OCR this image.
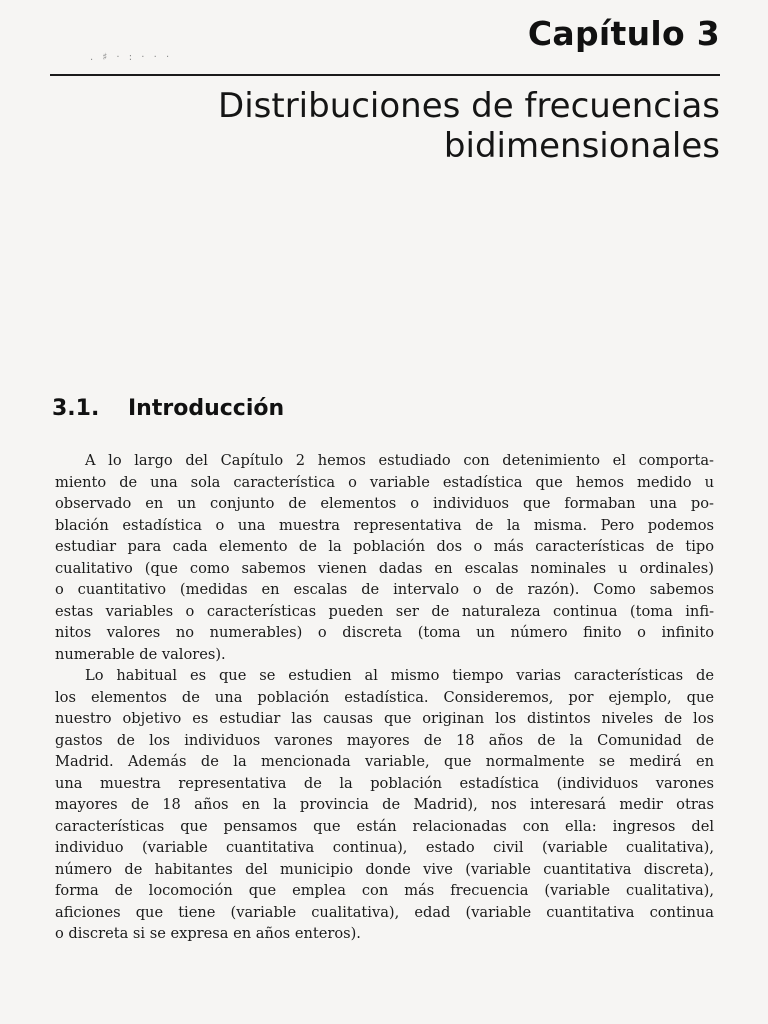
Capítulo 3
. ♯ · : · · ·
Distribuciones de frecuencias
bidimensionales
3.1. Introducción
A lo largo del Capítulo 2 hemos estudiado con detenimiento el comporta-
miento de una sola característica o variable estadística que hemos medido u
observado en un conjunto de elementos o individuos que formaban una po-
blación estadística o una muestra representativa de la misma. Pero podemos
estudiar para cada elemento de la población dos o más características de tipo
cualitativo (que como sabemos vienen dadas en escalas nominales u ordinales)
o cuantitativo (medidas en escalas de intervalo o de razón). Como sabemos
estas variables o características pueden ser de naturaleza continua (toma infi-
nitos valores no numerables) o discreta (toma un número finito o infinito
numerable de valores).
Lo habitual es que se estudien al mismo tiempo varias características de
los elementos de una población estadística. Consideremos, por ejemplo, que
nuestro objetivo es estudiar las causas que originan los distintos niveles de los
gastos de los individuos varones mayores de 18 años de la Comunidad de
Madrid. Además de la mencionada variable, que normalmente se medirá en
una muestra representativa de la población estadística (individuos varones
mayores de 18 años en la provincia de Madrid), nos interesará medir otras
características que pensamos que están relacionadas con ella: ingresos del
individuo (variable cuantitativa continua), estado civil (variable cualitativa),
número de habitantes del municipio donde vive (variable cuantitativa discreta),
forma de locomoción que emplea con más frecuencia (variable cualitativa),
aficiones que tiene (variable cualitativa), edad (variable cuantitativa continua
o discreta si se expresa en años enteros).
